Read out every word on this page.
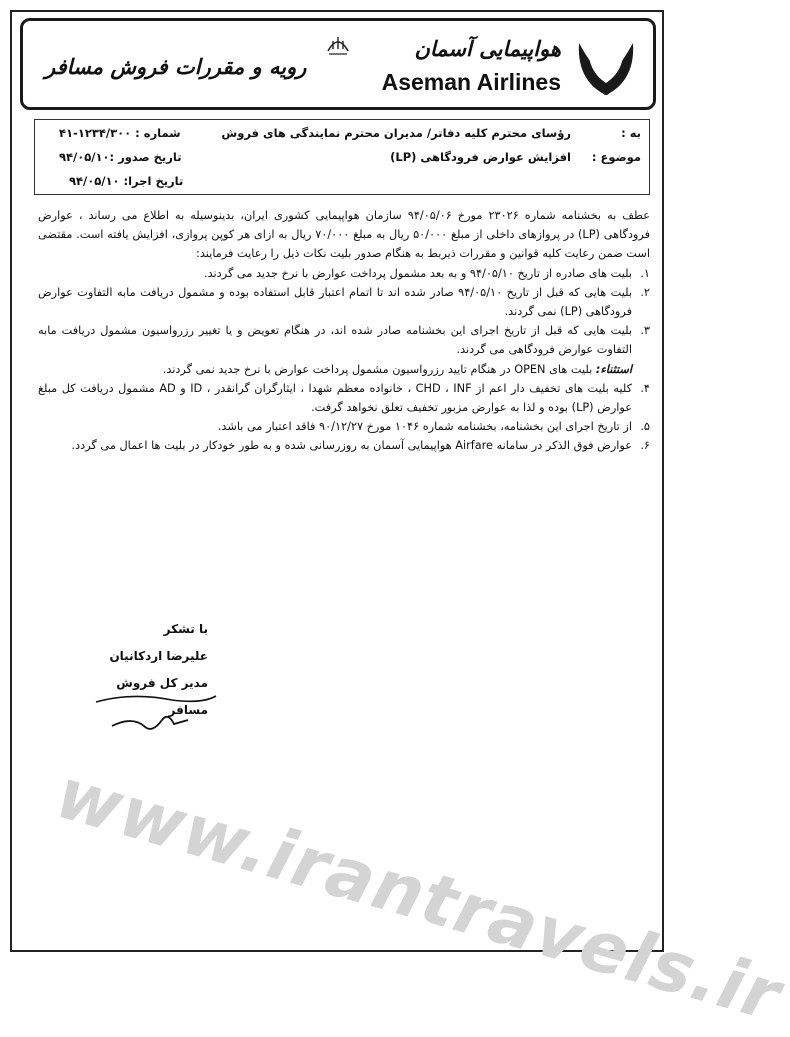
هواپیمایی آسمان
Aseman Airlines
رویه و مقررات فروش مسافر
به :
رؤسای محترم کلیه دفاتر/ مدیران محترم نمایندگی های فروش
موضوع :
افزایش عوارض فرودگاهی (LP)
شماره : ۱۲۳۴/۳۰۰-۴۱
تاریخ صدور :۹۴/۰۵/۱۰
تاریخ اجرا: ۹۴/۰۵/۱۰

عطف به بخشنامه شماره ۲۳۰۲۶ مورخ ۹۴/۰۵/۰۶ سازمان هواپیمایی کشوری ایران، بدینوسیله به اطلاع می رساند ، عوارض فرودگاهی (LP) در پروازهای داخلی از مبلغ ۵۰/۰۰۰ ریال به مبلغ ۷۰/۰۰۰ ریال به ازای هر کوپن پروازی، افزایش یافته است. مقتضی است ضمن رعایت کلیه قوانین و مقررات ذیربط به هنگام صدور بلیت نکات ذیل را رعایت فرمایند:

۱.
بلیت های صادره از تاریخ ۹۴/۰۵/۱۰ و به بعد مشمول پرداخت عوارض با نرخ جدید می گردند.
۲.
بلیت هایی که قبل از تاریخ ۹۴/۰۵/۱۰ صادر شده اند تا اتمام اعتبار قابل استفاده بوده و مشمول دریافت مابه التفاوت عوارض فرودگاهی (LP) نمی گردند.
۳.
بلیت هایی که قبل از تاریخ اجرای این بخشنامه صادر شده اند، در هنگام تعویض و یا تغییر رزرواسیون مشمول دریافت مابه التفاوت عوارض فرودگاهی می گردند.

استثناء: بلیت های OPEN در هنگام تایید رزرواسیون مشمول پرداخت عوارض با نرخ جدید نمی گردند.

۴.
کلیه بلیت های تخفیف دار اعم از CHD ، INF ، خانواده معظم شهدا ، ایثارگران گرانقدر ، ID و AD مشمول دریافت کل مبلغ عوارض (LP) بوده و لذا به عوارض مزبور تخفیف تعلق نخواهد گرفت.
۵.
از تاریخ اجرای این بخشنامه، بخشنامه شماره ۱۰۴۶ مورخ ۹۰/۱۲/۲۷ فاقد اعتبار می باشد.
۶.
عوارض فوق الذکر در سامانه Airfare هواپیمایی آسمان به روزرسانی شده و به طور خودکار در بلیت ها اعمال می گردد.
با تشکر
علیرضا اردکانیان
مدیر کل فروش مسافر
www.irantravels.ir
